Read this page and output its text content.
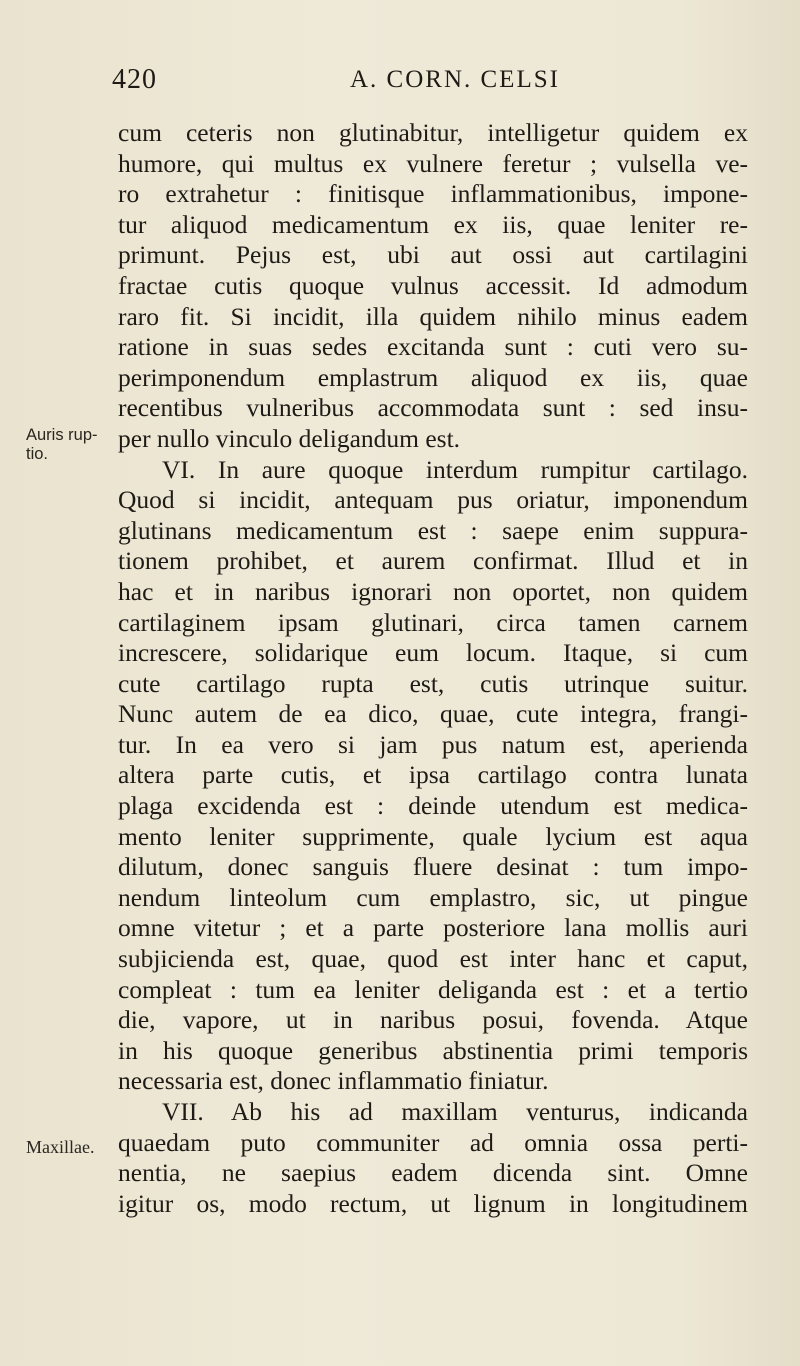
420	A. CORN. CELSI
Auris rup-
tio.
Maxillae.
cum ceteris non glutinabitur, intelligetur quidem ex
humore, qui multus ex vulnere feretur ; vulsella ve-
ro extrahetur : finitisque inflammationibus, impone-
tur aliquod medicamentum ex iis, quae leniter re-
primunt. Pejus est, ubi aut ossi aut cartilagini
fractae cutis quoque vulnus accessit. Id admodum
raro fit. Si incidit, illa quidem nihilo minus eadem
ratione in suas sedes excitanda sunt : cuti vero su-
perimponendum emplastrum aliquod ex iis, quae
recentibus vulneribus accommodata sunt : sed insu-
per nullo vinculo deligandum est.
VI. In aure quoque interdum rumpitur cartilago.
Quod si incidit, antequam pus oriatur, imponendum
glutinans medicamentum est : saepe enim suppura-
tionem prohibet, et aurem confirmat. Illud et in
hac et in naribus ignorari non oportet, non quidem
cartilaginem ipsam glutinari, circa tamen carnem
increscere, solidarique eum locum. Itaque, si cum
cute cartilago rupta est, cutis utrinque suitur.
Nunc autem de ea dico, quae, cute integra, frangi-
tur. In ea vero si jam pus natum est, aperienda
altera parte cutis, et ipsa cartilago contra lunata
plaga excidenda est : deinde utendum est medica-
mento leniter supprimente, quale lycium est aqua
dilutum, donec sanguis fluere desinat : tum impo-
nendum linteolum cum emplastro, sic, ut pingue
omne vitetur ; et a parte posteriore lana mollis auri
subjicienda est, quae, quod est inter hanc et caput,
compleat : tum ea leniter deliganda est : et a tertio
die, vapore, ut in naribus posui, fovenda. Atque
in his quoque generibus abstinentia primi temporis
necessaria est, donec inflammatio finiatur.
VII. Ab his ad maxillam venturus, indicanda
quaedam puto communiter ad omnia ossa perti-
nentia, ne saepius eadem dicenda sint. Omne
igitur os, modo rectum, ut lignum in longitudinem
